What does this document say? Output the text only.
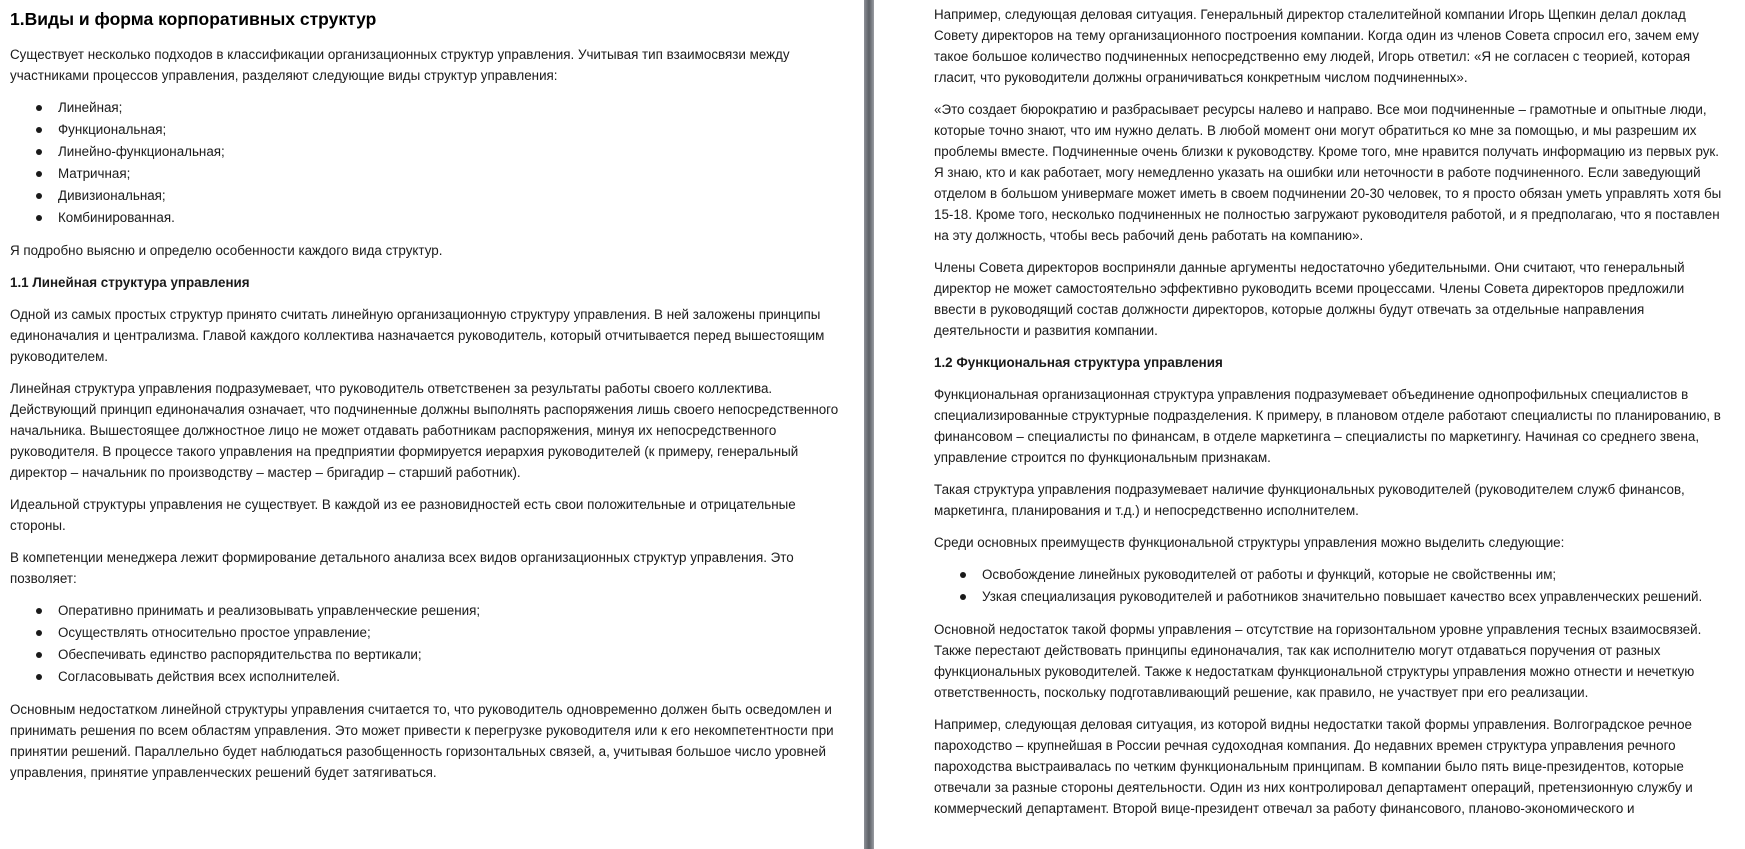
1.Виды и форма корпоративных структур

Существует несколько подходов в классификации организационных структур управления. Учитывая тип взаимосвязи между участниками процессов управления, разделяют следующие виды структур управления:

Линейная;
Функциональная;
Линейно-функциональная;
Матричная;
Дивизиональная;
Комбинированная.

Я подробно выясню и определю особенности каждого вида структур.

1.1 Линейная структура управления

Одной из самых простых структур принято считать линейную организационную структуру управления. В ней заложены принципы единоначалия и централизма. Главой каждого коллектива назначается руководитель, который отчитывается перед вышестоящим руководителем.

Линейная структура управления подразумевает, что руководитель ответственен за результаты работы своего коллектива. Действующий принцип единоначалия означает, что подчиненные должны выполнять распоряжения лишь своего непосредственного начальника. Вышестоящее должностное лицо не может отдавать работникам распоряжения, минуя их непосредственного руководителя. В процессе такого управления на предприятии формируется иерархия руководителей (к примеру, генеральный директор – начальник по производству – мастер – бригадир – старший работник).

Идеальной структуры управления не существует. В каждой из ее разновидностей есть свои положительные и отрицательные стороны.

В компетенции менеджера лежит формирование детального анализа всех видов организационных структур управления. Это позволяет:

Оперативно принимать и реализовывать управленческие решения;
Осуществлять относительно простое управление;
Обеспечивать единство распорядительства по вертикали;
Согласовывать действия всех исполнителей.

Основным недостатком линейной структуры управления считается то, что руководитель одновременно должен быть осведомлен и принимать решения по всем областям управления. Это может привести к перегрузке руководителя или к его некомпетентности при принятии решений. Параллельно будет наблюдаться разобщенность горизонтальных связей, а, учитывая большое число уровней управления, принятие управленческих решений будет затягиваться.

Например, следующая деловая ситуация. Генеральный директор сталелитейной компании Игорь Щепкин делал доклад Совету директоров на тему организационного построения компании. Когда один из членов Совета спросил его, зачем ему такое большое количество подчиненных непосредственно ему людей, Игорь ответил: «Я не согласен с теорией, которая гласит, что руководители должны ограничиваться конкретным числом подчиненных».

«Это создает бюрократию и разбрасывает ресурсы налево и направо. Все мои подчиненные – грамотные и опытные люди, которые точно знают, что им нужно делать. В любой момент они могут обратиться ко мне за помощью, и мы разрешим их проблемы вместе. Подчиненные очень близки к руководству. Кроме того, мне нравится получать информацию из первых рук. Я знаю, кто и как работает, могу немедленно указать на ошибки или неточности в работе подчиненного. Если заведующий отделом в большом универмаге может иметь в своем подчинении 20-30 человек, то я просто обязан уметь управлять хотя бы 15-18. Кроме того, несколько подчиненных не полностью загружают руководителя работой, и я предполагаю, что я поставлен на эту должность, чтобы весь рабочий день работать на компанию».

Члены Совета директоров восприняли данные аргументы недостаточно убедительными. Они считают, что генеральный директор не может самостоятельно эффективно руководить всеми процессами. Члены Совета директоров предложили ввести в руководящий состав должности директоров, которые должны будут отвечать за отдельные направления деятельности и развития компании.

1.2 Функциональная структура управления

Функциональная организационная структура управления подразумевает объединение однопрофильных специалистов в специализированные структурные подразделения. К примеру, в плановом отделе работают специалисты по планированию, в финансовом – специалисты по финансам, в отделе маркетинга – специалисты по маркетингу. Начиная со среднего звена, управление строится по функциональным признакам.

Такая структура управления подразумевает наличие функциональных руководителей (руководителем служб финансов, маркетинга, планирования и т.д.) и непосредственно исполнителем.

Среди основных преимуществ функциональной структуры управления можно выделить следующие:

Освобождение линейных руководителей от работы и функций, которые не свойственны им;
Узкая специализация руководителей и работников значительно повышает качество всех управленческих решений.

Основной недостаток такой формы управления – отсутствие на горизонтальном уровне управления тесных взаимосвязей. Также перестают действовать принципы единоначалия, так как исполнителю могут отдаваться поручения от разных функциональных руководителей. Также к недостаткам функциональной структуры управления можно отнести и нечеткую ответственность, поскольку подготавливающий решение, как правило, не участвует при его реализации.

Например, следующая деловая ситуация, из которой видны недостатки такой формы управления. Волгоградское речное пароходство – крупнейшая в России речная судоходная компания. До недавних времен структура управления речного пароходства выстраивалась по четким функциональным принципам. В компании было пять вице-президентов, которые отвечали за разные стороны деятельности. Один из них контролировал департамент операций, претензионную службу и коммерческий департамент. Второй вице-президент отвечал за работу финансового, планово-экономического и
